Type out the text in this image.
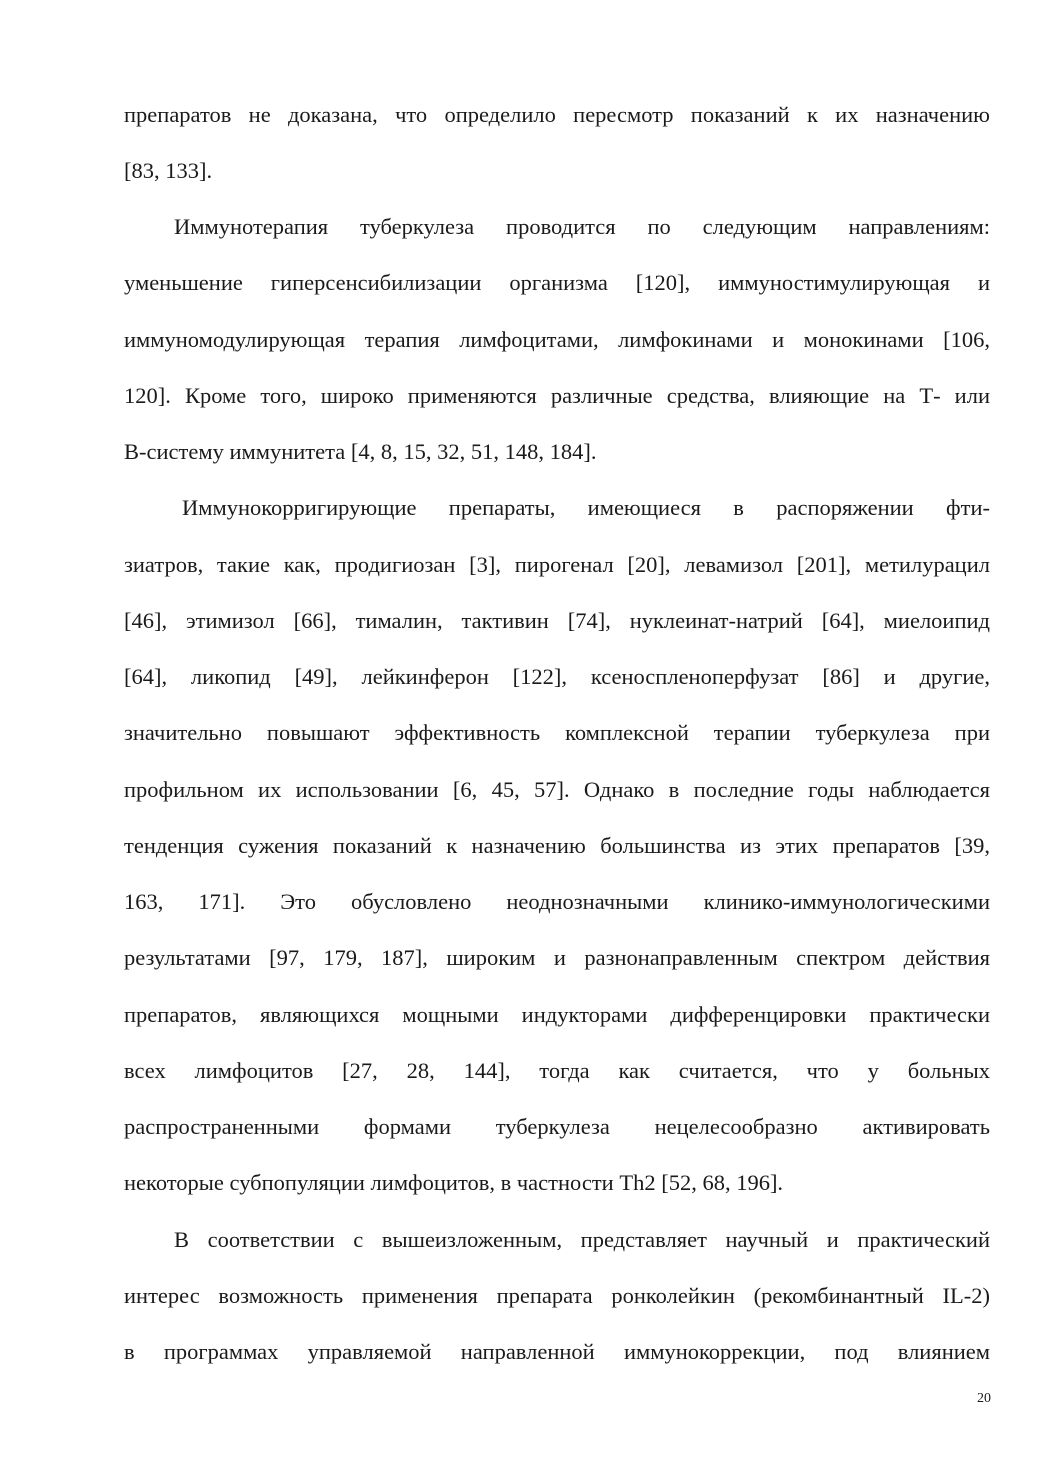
препаратов не доказана, что определило пересмотр показаний к их назначению
[83, 133].
Иммунотерапия туберкулеза проводится по следующим направлениям:
уменьшение гиперсенсибилизации организма [120], иммуностимулирующая и
иммуномодулирующая терапия лимфоцитами, лимфокинами и монокинами [106,
120]. Кроме того, широко применяются различные средства, влияющие на Т- или
В-систему иммунитета [4, 8, 15, 32, 51, 148, 184].
Иммунокорригирующие препараты, имеющиеся в распоряжении фти-
зиатров, такие как, продигиозан [3], пирогенал [20], левамизол [201], метилурацил
[46], этимизол [66], тималин, тактивин [74], нуклеинат-натрий [64], миелоипид
[64], ликопид [49], лейкинферон [122], ксеноспленоперфузат [86] и другие,
значительно повышают эффективность комплексной терапии туберкулеза при
профильном их использовании [6, 45, 57]. Однако в последние годы наблюдается
тенденция сужения показаний к назначению большинства из этих препаратов [39,
163, 171]. Это обусловлено неоднозначными клинико-иммунологическими
результатами [97, 179, 187], широким и разнонаправленным спектром действия
препаратов, являющихся мощными индукторами дифференцировки практически
всех лимфоцитов [27, 28, 144], тогда как считается, что у больных
распространенными формами туберкулеза нецелесообразно активировать
некоторые субпопуляции лимфоцитов, в частности Th2 [52, 68, 196].
В соответствии с вышеизложенным, представляет научный и практический
интерес возможность применения препарата ронколейкин (рекомбинантный IL-2)
в программах управляемой направленной иммунокоррекции, под влиянием
20
